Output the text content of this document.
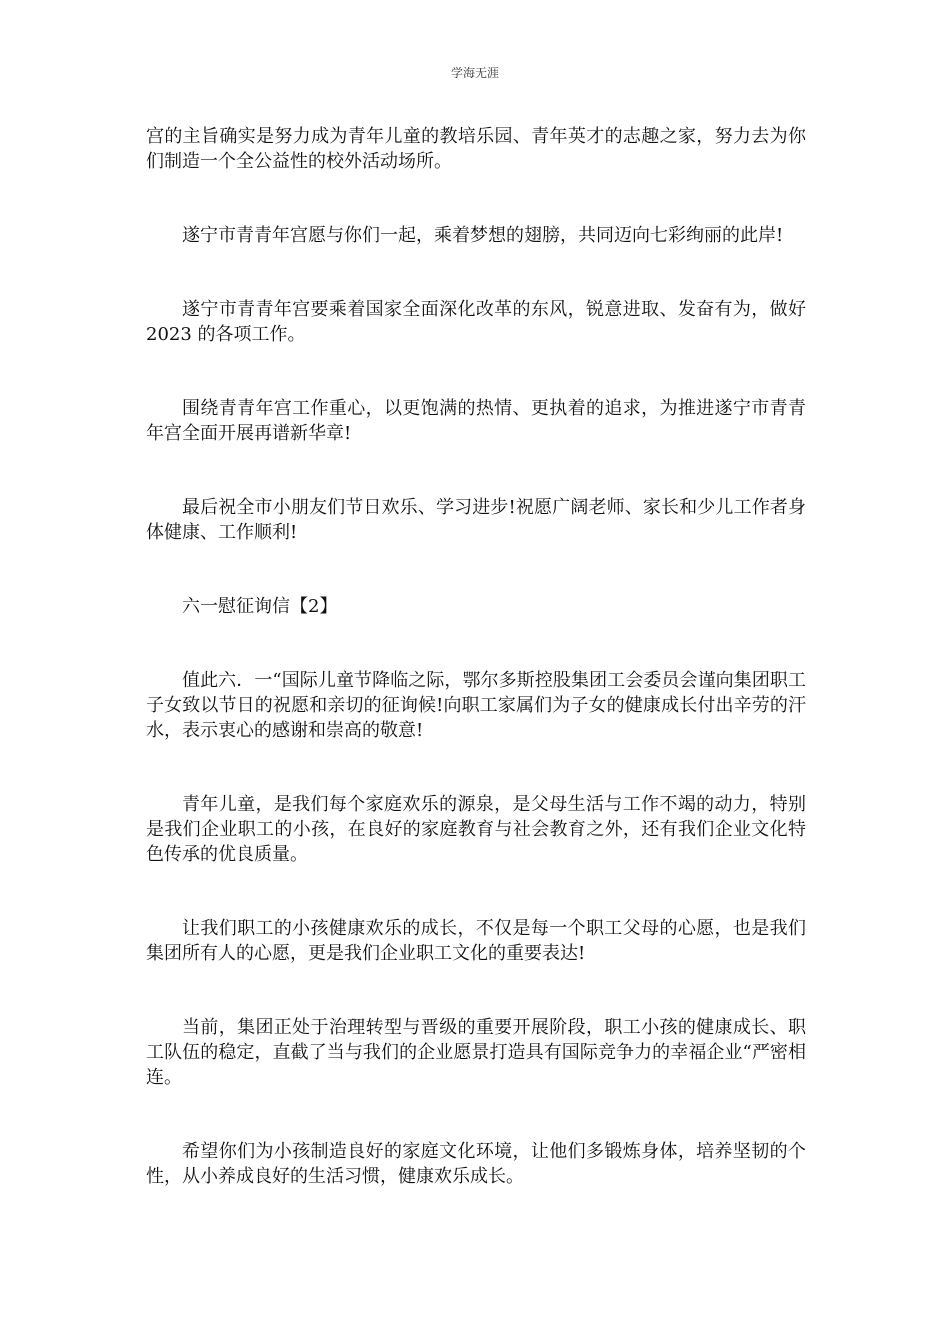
学海无涯

宫的主旨确实是努力成为青年儿童的教培乐园、青年英才的志趣之家，努力去为你们制造一个全公益性的校外活动场所。

遂宁市青青年宫愿与你们一起，乘着梦想的翅膀，共同迈向七彩绚丽的此岸!

遂宁市青青年宫要乘着国家全面深化改革的东风，锐意进取、发奋有为，做好 2023 的各项工作。

围绕青青年宫工作重心，以更饱满的热情、更执着的追求，为推进遂宁市青青年宫全面开展再谱新华章!

最后祝全市小朋友们节日欢乐、学习进步!祝愿广阔老师、家长和少儿工作者身体健康、工作顺利!

六一慰征询信【2】

值此六．一“国际儿童节降临之际，鄂尔多斯控股集团工会委员会谨向集团职工子女致以节日的祝愿和亲切的征询候!向职工家属们为子女的健康成长付出辛劳的汗水，表示衷心的感谢和崇高的敬意!

青年儿童，是我们每个家庭欢乐的源泉，是父母生活与工作不竭的动力，特别是我们企业职工的小孩，在良好的家庭教育与社会教育之外，还有我们企业文化特色传承的优良质量。

让我们职工的小孩健康欢乐的成长，不仅是每一个职工父母的心愿，也是我们集团所有人的心愿，更是我们企业职工文化的重要表达!

当前，集团正处于治理转型与晋级的重要开展阶段，职工小孩的健康成长、职工队伍的稳定，直截了当与我们的企业愿景打造具有国际竞争力的幸福企业“严密相连。

希望你们为小孩制造良好的家庭文化环境，让他们多锻炼身体，培养坚韧的个性，从小养成良好的生活习惯，健康欢乐成长。
